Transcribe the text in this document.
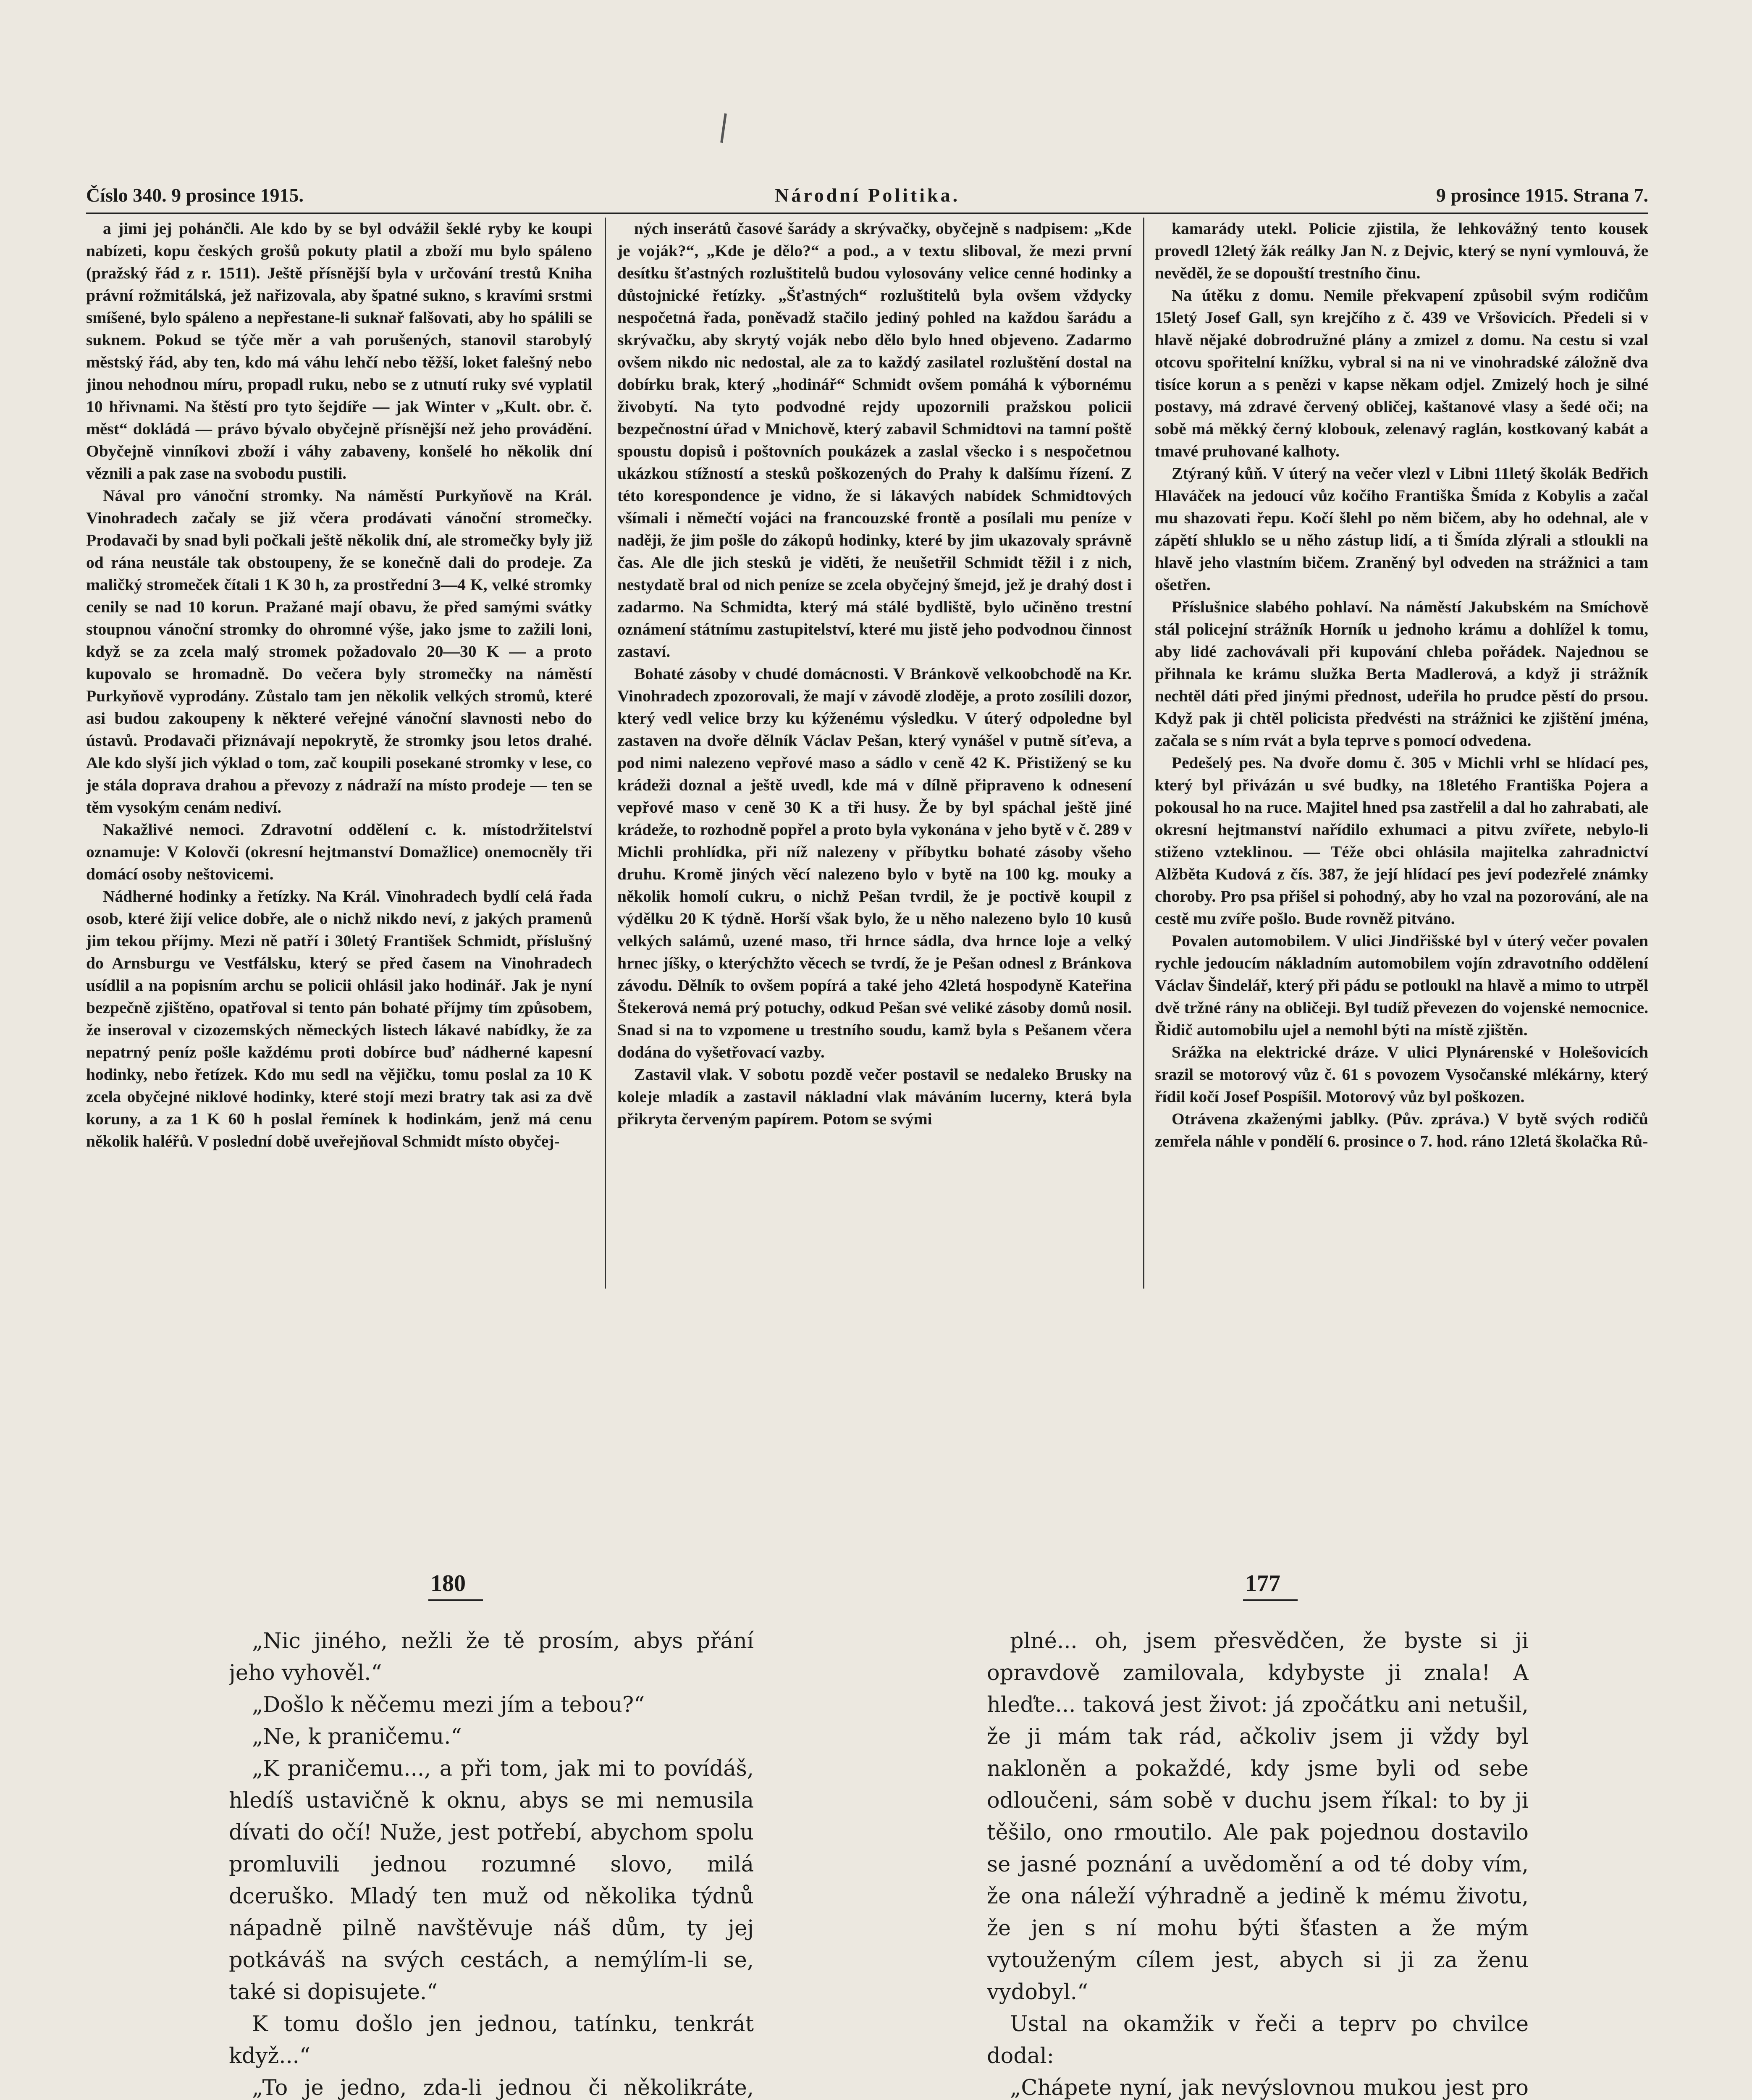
Číslo 340. 9 prosince 1915.	Národní Politika.	9 prosince 1915. Strana 7.

a jimi jej pohánčli. Ale kdo by se byl odvážil šeklé ryby ke koupi nabízeti, kopu českých grošů pokuty platil a zboží mu bylo spáleno (pražský řád z r. 1511). Ještě přísnější byla v určování trestů Kniha právní rožmitálská, jež nařizovala, aby špatné sukno, s kravími srstmi smíšené, bylo spáleno a nepřestane-li suknař falšovati, aby ho spálili se suknem. Pokud se týče měr a vah porušených, stanovil starobylý městský řád, aby ten, kdo má váhu lehčí nebo těžší, loket falešný nebo jinou nehodnou míru, propadl ruku, nebo se z utnutí ruky své vyplatil 10 hřivnami. Na štěstí pro tyto šejdíře — jak Winter v „Kult. obr. č. měst“ dokládá — právo bývalo obyčejně přísnější než jeho provádění. Obyčejně vinníkovi zboží i váhy zabaveny, konšelé ho několik dní věznili a pak zase na svobodu pustili.

Nával pro vánoční stromky. Na náměstí Purkyňově na Král. Vinohradech začaly se již včera prodávati vánoční stromečky. Prodavači by snad byli počkali ještě několik dní, ale stromečky byly již od rána neustále tak obstoupeny, že se konečně dali do prodeje. Za maličký stromeček čítali 1 K 30 h, za prostřední 3—4 K, velké stromky cenily se nad 10 korun. Pražané mají obavu, že před samými svátky stoupnou vánoční stromky do ohromné výše, jako jsme to zažili loni, když se za zcela malý stromek požadovalo 20—30 K — a proto kupovalo se hromadně. Do večera byly stromečky na náměstí Purkyňově vyprodány. Zůstalo tam jen několik velkých stromů, které asi budou zakoupeny k některé veřejné vánoční slavnosti nebo do ústavů. Prodavači přiznávají nepokrytě, že stromky jsou letos drahé. Ale kdo slyší jich výklad o tom, zač koupili posekané stromky v lese, co je stála doprava drahou a převozy z nádraží na místo prodeje — ten se těm vysokým cenám nediví.

Nakažlivé nemoci. Zdravotní oddělení c. k. místodržitelství oznamuje: V Kolovči (okresní hejtmanství Domažlice) onemocněly tři domácí osoby neštovicemi.

Nádherné hodinky a řetízky. Na Král. Vinohradech bydlí celá řada osob, které žijí velice dobře, ale o nichž nikdo neví, z jakých pramenů jim tekou příjmy. Mezi ně patří i 30letý František Schmidt, příslušný do Arnsburgu ve Vestfálsku, který se před časem na Vinohradech usídlil a na popisním archu se policii ohlásil jako hodinář. Jak je nyní bezpečně zjištěno, opatřoval si tento pán bohaté příjmy tím způsobem, že inseroval v cizozemských německých listech lákavé nabídky, že za nepatrný peníz pošle každému proti dobírce buď nádherné kapesní hodinky, nebo řetízek. Kdo mu sedl na vějičku, tomu poslal za 10 K zcela obyčejné niklové hodinky, které stojí mezi bratry tak asi za dvě koruny, a za 1 K 60 h poslal řemínek k hodinkám, jenž má cenu několik haléřů. V poslední době uveřejňoval Schmidt místo obyčej-

ných inserátů časové šarády a skrývačky, obyčejně s nadpisem: „Kde je voják?“, „Kde je dělo?“ a pod., a v textu sliboval, že mezi první desítku šťastných rozluštitelů budou vylosovány velice cenné hodinky a důstojnické řetízky. „Šťastných“ rozluštitelů byla ovšem vždycky nespočetná řada, poněvadž stačilo jediný pohled na každou šarádu a skrývačku, aby skrytý voják nebo dělo bylo hned objeveno. Zadarmo ovšem nikdo nic nedostal, ale za to každý zasilatel rozluštění dostal na dobírku brak, který „hodinář“ Schmidt ovšem pomáhá k výbornému živobytí. Na tyto podvodné rejdy upozornili pražskou policii bezpečnostní úřad v Mnichově, který zabavil Schmidtovi na tamní poště spoustu dopisů i poštovních poukázek a zaslal všecko i s nespočetnou ukázkou stížností a stesků poškozených do Prahy k dalšímu řízení. Z této korespondence je vidno, že si lákavých nabídek Schmidtových všímali i němečtí vojáci na francouzské frontě a posílali mu peníze v naději, že jim pošle do zákopů hodinky, které by jim ukazovaly správně čas. Ale dle jich stesků je viděti, že neušetřil Schmidt těžil i z nich, nestydatě bral od nich peníze se zcela obyčejný šmejd, jež je drahý dost i zadarmo. Na Schmidta, který má stálé bydliště, bylo učiněno trestní oznámení státnímu zastupitelství, které mu jistě jeho podvodnou činnost zastaví.

Bohaté zásoby v chudé domácnosti. V Bránkově velkoobchodě na Kr. Vinohradech zpozorovali, že mají v závodě zloděje, a proto zosílili dozor, který vedl velice brzy ku kýženému výsledku. V úterý odpoledne byl zastaven na dvoře dělník Václav Pešan, který vynášel v putně síťeva, a pod nimi nalezeno vepřové maso a sádlo v ceně 42 K. Přistižený se ku krádeži doznal a ještě uvedl, kde má v dílně připraveno k odnesení vepřové maso v ceně 30 K a tři husy. Že by byl spáchal ještě jiné krádeže, to rozhodně popřel a proto byla vykonána v jeho bytě v č. 289 v Michli prohlídka, při níž nalezeny v příbytku bohaté zásoby všeho druhu. Kromě jiných věcí nalezeno bylo v bytě na 100 kg. mouky a několik homolí cukru, o nichž Pešan tvrdil, že je poctivě koupil z výdělku 20 K týdně. Horší však bylo, že u něho nalezeno bylo 10 kusů velkých salámů, uzené maso, tři hrnce sádla, dva hrnce loje a velký hrnec jíšky, o kterýchžto věcech se tvrdí, že je Pešan odnesl z Bránkova závodu. Dělník to ovšem popírá a také jeho 42letá hospodyně Kateřina Štekerová nemá prý potuchy, odkud Pešan své veliké zásoby domů nosil. Snad si na to vzpomene u trestního soudu, kamž byla s Pešanem včera dodána do vyšetřovací vazby.

Zastavil vlak. V sobotu pozdě večer postavil se nedaleko Brusky na koleje mladík a zastavil nákladní vlak máváním lucerny, která byla přikryta červeným papírem. Potom se svými

kamarády utekl. Policie zjistila, že lehkovážný tento kousek provedl 12letý žák reálky Jan N. z Dejvic, který se nyní vymlouvá, že nevěděl, že se dopouští trestního činu.

Na útěku z domu. Nemile překvapení způsobil svým rodičům 15letý Josef Gall, syn krejčího z č. 439 ve Vršovicích. Předeli si v hlavě nějaké dobrodružné plány a zmizel z domu. Na cestu si vzal otcovu spořitelní knížku, vybral si na ni ve vinohradské záložně dva tisíce korun a s penězi v kapse někam odjel. Zmizelý hoch je silné postavy, má zdravé červený obličej, kaštanové vlasy a šedé oči; na sobě má měkký černý klobouk, zelenavý raglán, kostkovaný kabát a tmavé pruhované kalhoty.

Ztýraný kůň. V úterý na večer vlezl v Libni 11letý školák Bedřich Hlaváček na jedoucí vůz kočího Františka Šmída z Kobylis a začal mu shazovati řepu. Kočí šlehl po něm bičem, aby ho odehnal, ale v zápětí shluklo se u něho zástup lidí, a ti Šmída zlýrali a stloukli na hlavě jeho vlastním bičem. Zraněný byl odveden na strážnici a tam ošetřen.

Příslušnice slabého pohlaví. Na náměstí Jakubském na Smíchově stál policejní strážník Horník u jednoho krámu a dohlížel k tomu, aby lidé zachovávali při kupování chleba pořádek. Najednou se přihnala ke krámu služka Berta Madlerová, a když ji strážník nechtěl dáti před jinými přednost, udeřila ho prudce pěstí do prsou. Když pak ji chtěl policista předvésti na strážnici ke zjištění jména, začala se s ním rvát a byla teprve s pomocí odvedena.

Pedešelý pes. Na dvoře domu č. 305 v Michli vrhl se hlídací pes, který byl přivázán u své budky, na 18letého Františka Pojera a pokousal ho na ruce. Majitel hned psa zastřelil a dal ho zahrabati, ale okresní hejtmanství nařídilo exhumaci a pitvu zvířete, nebylo-li stiženo vzteklinou. — Téže obci ohlásila majitelka zahradnictví Alžběta Kudová z čís. 387, že její hlídací pes jeví podezřelé známky choroby. Pro psa přišel si pohodný, aby ho vzal na pozorování, ale na cestě mu zvíře pošlo. Bude rovněž pitváno.

Povalen automobilem. V ulici Jindřišské byl v úterý večer povalen rychle jedoucím nákladním automobilem vojín zdravotního oddělení Václav Šindelář, který při pádu se potloukl na hlavě a mimo to utrpěl dvě tržné rány na obličeji. Byl tudíž převezen do vojenské nemocnice. Řidič automobilu ujel a nemohl býti na místě zjištěn.

Srážka na elektrické dráze. V ulici Plynárenské v Holešovicích srazil se motorový vůz č. 61 s povozem Vysočanské mlékárny, který řídil kočí Josef Pospíšil. Motorový vůz byl poškozen.

Otrávena zkaženými jablky. (Pův. zpráva.) V bytě svých rodičů zemřela náhle v pondělí 6. prosince o 7. hod. ráno 12letá školačka Rů-

180	177

„Nic jiného, nežli že tě prosím, abys přání jeho vyhověl.“

„Došlo k něčemu mezi jím a tebou?“

„Ne, k praničemu.“

„K praničemu..., a při tom, jak mi to povídáš, hledíš ustavičně k oknu, abys se mi nemusila dívati do očí! Nuže, jest potřebí, abychom spolu promluvili jednou rozumné slovo, milá dceruško. Mladý ten muž od několika týdnů nápadně pilně navštěvuje náš dům, ty jej potkáváš na svých cestách, a nemýlím-li se, také si dopisujete.“

K tomu došlo jen jednou, tatínku, tenkrát když...“

„To je jedno, zda-li jednou či několikráte,

plné... oh, jsem přesvědčen, že byste si ji opravdově zamilovala, kdybyste ji znala! A hleďte... taková jest život: já zpočátku ani netušil, že ji mám tak rád, ačkoliv jsem ji vždy byl nakloněn a pokaždé, kdy jsme byli od sebe odloučeni, sám sobě v duchu jsem říkal: to by ji těšilo, ono rmoutilo. Ale pak pojednou dostavilo se jasné poznání a uvědomění a od té doby vím, že ona náleží výhradně a jedině k mému životu, že jen s ní mohu býti šťasten a že mým vytouženým cílem jest, abych si ji za ženu vydobyl.“

Ustal na okamžik v řeči a teprv po chvilce dodal:

„Chápete nyní, jak nevýslovnou mukou jest pro
